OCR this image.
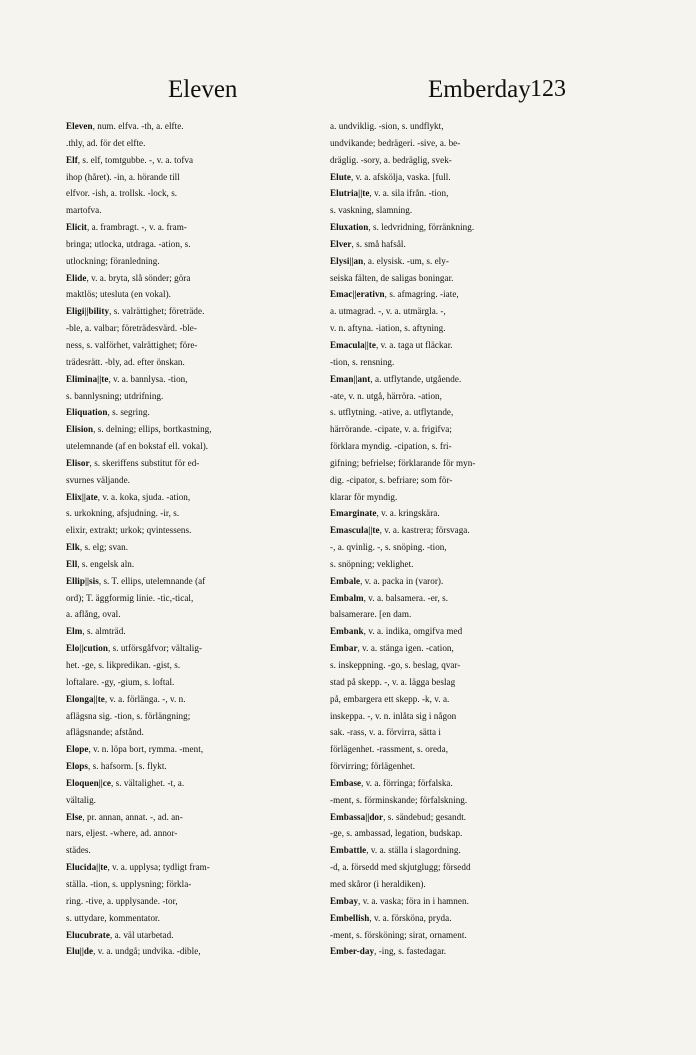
Eleven	Emberday 123
Eleven, num. elfva. -th, a. elfte.
.thly, ad. för det elfte.
Elf, s. elf, tomtgubbe. -, v. a. tofva
ihop (håret). -in, a. hörande till
elfvor. -ish, a. trollsk. -lock, s.
martofva.
Elicit, a. frambragt. -, v. a. fram-
bringa; utlocka, utdraga. -ation, s.
utlockning; föranledning.
Elide, v. a. bryta, slå sönder; göra
maktlös; utesluta (en vokal).
Eligi||bility, s. valrättighet; företräde.
-ble, a. valbar; företrädesvärd. -ble-
ness, s. valförhet, valrättighet; före-
trädesrätt. -bly, ad. efter önskan.
Elimina||te, v. a. bannlysa. -tion,
s. bannlysning; utdrifning.
Eliquation, s. segring.
Elision, s. delning; ellips, bortkastning,
utelemnande (af en bokstaf ell. vokal).
Elisor, s. skeriffens substitut för ed-
svurnes väljande.
Elix||ate, v. a. koka, sjuda. -ation,
s. urkokning, afsjudning. -ir, s.
elixir, extrakt; urkok; qvintessens.
Elk, s. elg; svan.
Ell, s. engelsk aln.
Ellip||sis, s. T. ellips, utelemnande (af
ord); T. äggformig linie. -tic,-tical,
a. aflång, oval.
Elm, s. almträd.
Elo||cution, s. utförsgåfvor; vältalig-
het. -ge, s. likpredikan. -gist, s.
loftalare. -gy, -gium, s. loftal.
Elonga||te, v. a. förlänga. -, v. n.
aflägsna sig. -tion, s. förlängning;
aflägsnande; afstånd.
Elope, v. n. löpa bort, rymma. -ment,
Elops, s. hafsorm. [s. flykt.
Eloquen||ce, s. vältalighet. -t, a.
vältalig.
Else, pr. annan, annat. -, ad. an-
nars, eljest. -where, ad. annor-
städes.
Elucida||te, v. a. upplysa; tydligt fram-
ställa. -tion, s. upplysning; förkla-
ring. -tive, a. upplysande. -tor,
s. uttydare, kommentator.
Elucubrate, a. väl utarbetad.
Elu||de, v. a. undgå; undvika. -dible,
a. undviklig. -sion, s. undflykt,
undvikande; bedrägeri. -sive, a. be-
dräglig. -sory, a. bedräglig, svek-
Elute, v. a. afskölja, vaska. [full.
Elutria||te, v. a. sila ifrån. -tion,
s. vaskning, slamning.
Eluxation, s. ledvridning, förränkning.
Elver, s. små hafsål.
Elysi||an, a. elysisk. -um, s. ely-
seiska fälten, de saligas boningar.
Emac||erativn, s. afmagring. -iate,
a. utmagrad. -, v. a. utmärgla. -,
v. n. aftyna. -iation, s. aftyning.
Emacula||te, v. a. taga ut fläckar.
-tion, s. rensning.
Eman||ant, a. utflytande, utgående.
-ate, v. n. utgå, härröra. -ation,
s. utflytning. -ative, a. utflytande,
härrörande. -cipate, v. a. frigifva;
förklara myndig. -cipation, s. fri-
gifning; befrielse; förklarande för myn-
dig. -cipator, s. befriare; som för-
klarar för myndig.
Emarginate, v. a. kringskära.
Emascula||te, v. a. kastrera; försvaga.
-, a. qvinlig. -, s. snöping. -tion,
s. snöpning; veklighet.
Embale, v. a. packa in (varor).
Embalm, v. a. balsamera. -er, s.
balsamerare. [en dam.
Embank, v. a. indika, omgifva med
Embar, v. a. stänga igen. -cation,
s. inskeppning. -go, s. beslag, qvar-
stad på skepp. -, v. a. lägga beslag
på, embargera ett skepp. -k, v. a.
inskeppa. -, v. n. inlåta sig i någon
sak. -rass, v. a. förvirra, sätta i
förlägenhet. -rassment, s. oreda,
förvirring; förlägenhet.
Embase, v. a. förringa; förfalska.
-ment, s. förminskande; förfalskning.
Embassa||dor, s. sändebud; gesandt.
-ge, s. ambassad, legation, budskap.
Embattle, v. a. ställa i slagordning.
-d, a. försedd med skjutglugg; försedd
med skåror (i heraldiken).
Embay, v. a. vaska; föra in i hamnen.
Embellish, v. a. försköna, pryda.
-ment, s. försköning; sirat, ornament.
Ember-day, -ing, s. fastedagar.
